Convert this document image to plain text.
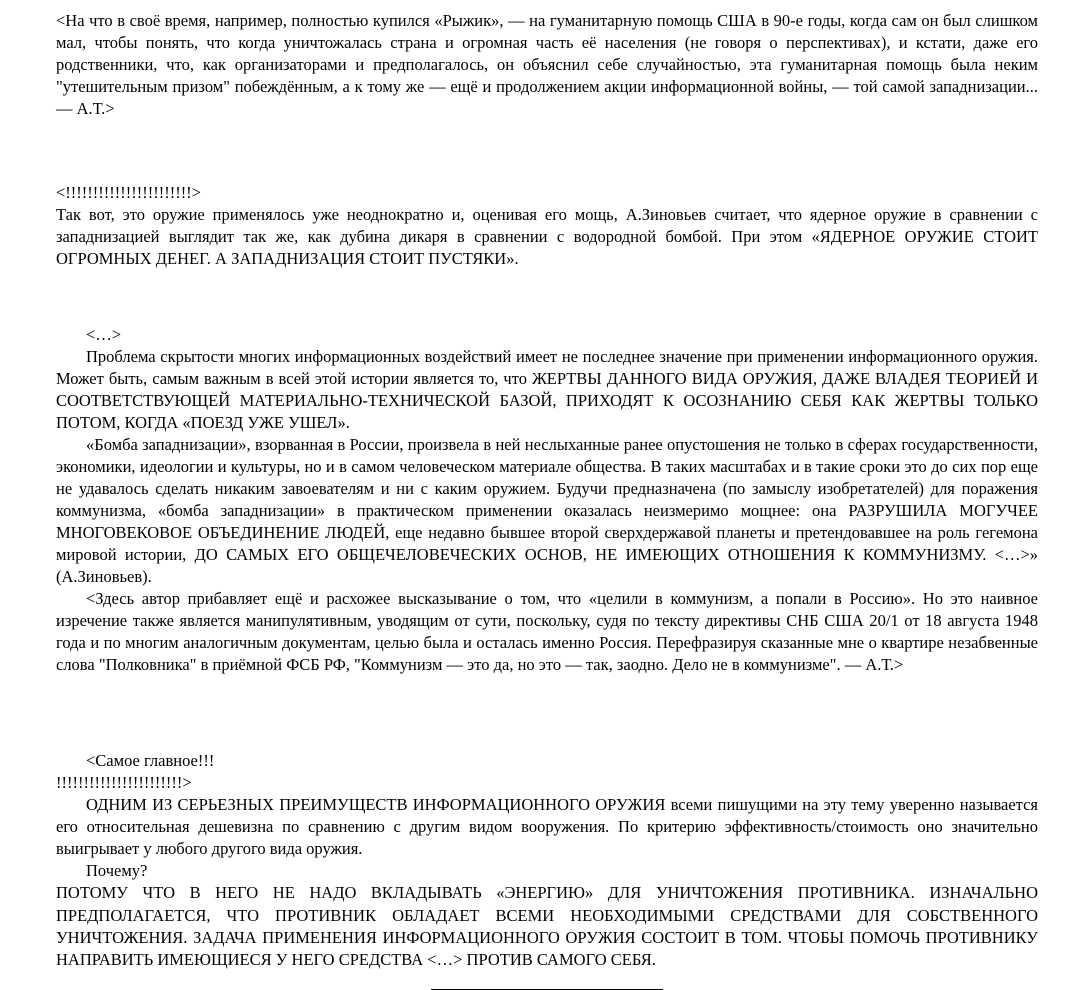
<На что в своё время, например, полностью купился «Рыжик», — на гуманитарную помощь США в 90-е годы, когда сам он был слишком мал, чтобы понять, что когда уничтожалась страна и огромная часть её населения (не говоря о перспективах), и кстати, даже его родственники, что, как организаторами и предполагалось, он объяснил себе случайностью, эта гуманитарная помощь была неким "утешительным призом" побеждённым, а к тому же — ещё и продолжением акции информационной войны, — той самой западнизации... — А.Т.>

<!!!!!!!!!!!!!!!!!!!!!!!>

Так вот, это оружие применялось уже неоднократно и, оценивая его мощь, А.Зиновьев считает, что ядерное оружие в сравнении с западнизацией выглядит так же, как дубина дикаря в сравнении с водородной бомбой. При этом «ЯДЕРНОЕ ОРУЖИЕ СТОИТ ОГРОМНЫХ ДЕНЕГ. А ЗАПАДНИЗАЦИЯ СТОИТ ПУСТЯКИ».

<…>

Проблема скрытости многих информационных воздействий имеет не последнее значение при применении информационного оружия. Может быть, самым важным в всей этой истории является то, что ЖЕРТВЫ ДАННОГО ВИДА ОРУЖИЯ, ДАЖЕ ВЛАДЕЯ ТЕОРИЕЙ И СООТВЕТСТВУЮЩЕЙ МАТЕРИАЛЬНО-ТЕХНИЧЕСКОЙ БАЗОЙ, ПРИХОДЯТ К ОСОЗНАНИЮ СЕБЯ КАК ЖЕРТВЫ ТОЛЬКО ПОТОМ, КОГДА «ПОЕЗД УЖЕ УШЕЛ».

«Бомба западнизации», взорванная в России, произвела в ней неслыханные ранее опустошения не только в сферах государственности, экономики, идеологии и культуры, но и в самом человеческом материале общества. В таких масштабах и в такие сроки это до сих пор еще не удавалось сделать никаким завоевателям и ни с каким оружием. Будучи предназначена (по замыслу изобретателей) для поражения коммунизма, «бомба западнизации» в практическом применении оказалась неизмеримо мощнее: она РАЗРУШИЛА МОГУЧЕЕ МНОГОВЕКОВОЕ ОБЪЕДИНЕНИЕ ЛЮДЕЙ, еще недавно бывшее второй сверхдержавой планеты и претендовавшее на роль гегемона мировой истории, ДО САМЫХ ЕГО ОБЩЕЧЕЛОВЕЧЕСКИХ ОСНОВ, НЕ ИМЕЮЩИХ ОТНОШЕНИЯ К КОММУНИЗМУ. <…>» (А.Зиновьев).

<Здесь автор прибавляет ещё и расхожее высказывание о том, что «целили в коммунизм, а попали в Россию». Но это наивное изречение также является манипулятивным, уводящим от сути, поскольку, судя по тексту директивы СНБ США 20/1 от 18 августа 1948 года и по многим аналогичным документам, целью была и осталась именно Россия. Перефразируя сказанные мне о квартире незабвенные слова "Полковника" в приёмной ФСБ РФ, "Коммунизм — это да, но это — так, заодно. Дело не в коммунизме". — А.Т.>

<Самое главное!!!

!!!!!!!!!!!!!!!!!!!!!!!>

ОДНИМ ИЗ СЕРЬЕЗНЫХ ПРЕИМУЩЕСТВ ИНФОРМАЦИОННОГО ОРУЖИЯ всеми пишущими на эту тему уверенно называется его относительная дешевизна по сравнению с другим видом вооружения. По критерию эффективность/стоимость оно значительно выигрывает у любого другого вида оружия.

Почему?

ПОТОМУ ЧТО В НЕГО НЕ НАДО ВКЛАДЫВАТЬ «ЭНЕРГИЮ» ДЛЯ УНИЧТОЖЕНИЯ ПРОТИВНИКА. ИЗНАЧАЛЬНО ПРЕДПОЛАГАЕТСЯ, ЧТО ПРОТИВНИК ОБЛАДАЕТ ВСЕМИ НЕОБХОДИМЫМИ СРЕДСТВАМИ ДЛЯ СОБСТВЕННОГО УНИЧТОЖЕНИЯ. ЗАДАЧА ПРИМЕНЕНИЯ ИНФОРМАЦИОННОГО ОРУЖИЯ СОСТОИТ В ТОМ. ЧТОБЫ ПОМОЧЬ ПРОТИВНИКУ НАПРАВИТЬ ИМЕЮЩИЕСЯ У НЕГО СРЕДСТВА <…> ПРОТИВ САМОГО СЕБЯ.
